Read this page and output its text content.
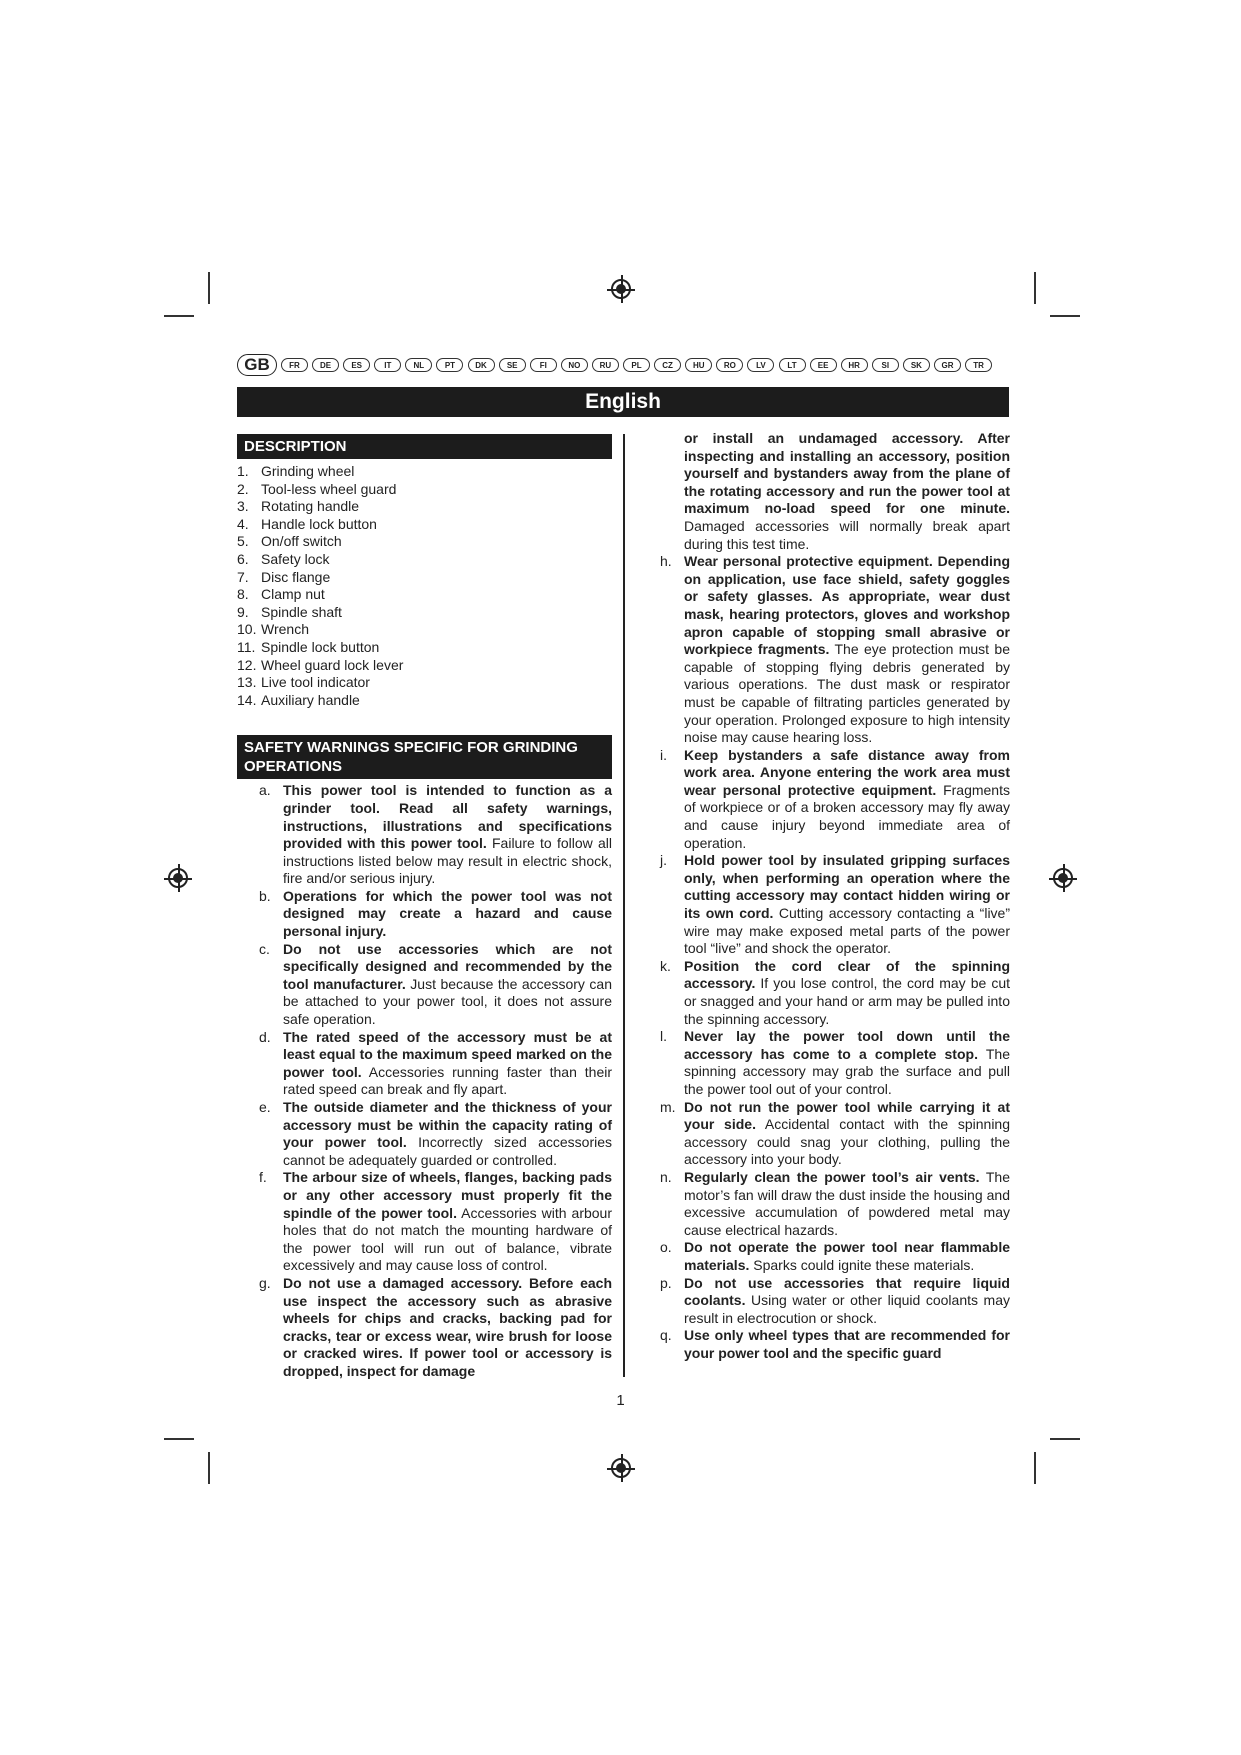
GB	FR	DE	ES	IT	NL	PT	DK	SE	FI	NO	RU	PL	CZ	HU	RO	LV	LT	EE	HR	SI	SK	GR	TR
English
DESCRIPTION
1. Grinding wheel
2. Tool-less wheel guard
3. Rotating handle
4. Handle lock button
5. On/off switch
6. Safety lock
7. Disc flange
8. Clamp nut
9. Spindle shaft
10. Wrench
11. Spindle lock button
12. Wheel guard lock lever
13. Live tool indicator
14. Auxiliary handle
SAFETY WARNINGS SPECIFIC FOR GRINDING OPERATIONS
a. This power tool is intended to function as a grinder tool. Read all safety warnings, instructions, illustrations and specifications provided with this power tool. Failure to follow all instructions listed below may result in electric shock, fire and/or serious injury.
b. Operations for which the power tool was not designed may create a hazard and cause personal injury.
c. Do not use accessories which are not specifically designed and recommended by the tool manufacturer. Just because the accessory can be attached to your power tool, it does not assure safe operation.
d. The rated speed of the accessory must be at least equal to the maximum speed marked on the power tool. Accessories running faster than their rated speed can break and fly apart.
e. The outside diameter and the thickness of your accessory must be within the capacity rating of your power tool. Incorrectly sized accessories cannot be adequately guarded or controlled.
f.	The arbour size of wheels, flanges, backing pads or any other accessory must properly fit the spindle of the power tool. Accessories with arbour holes that do not match the mounting hardware of the power tool will run out of balance, vibrate excessively and may cause loss of control.
g. Do not use a damaged accessory. Before each use inspect the accessory such as abrasive wheels for chips and cracks, backing pad for cracks, tear or excess wear, wire brush for loose or cracked wires. If power tool or accessory is dropped, inspect for damage
or install an undamaged accessory. After inspecting and installing an accessory, position yourself and bystanders away from the plane of the rotating accessory and run the power tool at maximum no-load speed for one minute. Damaged accessories will normally break apart during this test time.
h. Wear personal protective equipment. Depending on application, use face shield, safety goggles or safety glasses. As appropriate, wear dust mask, hearing protectors, gloves and workshop apron capable of stopping small abrasive or workpiece fragments. The eye protection must be capable of stopping flying debris generated by various operations. The dust mask or respirator must be capable of filtrating particles generated by your operation. Prolonged exposure to high intensity noise may cause hearing loss.
i.	Keep bystanders a safe distance away from work area. Anyone entering the work area must wear personal protective equipment. Fragments of workpiece or of a broken accessory may fly away and cause injury beyond immediate area of operation.
j.	Hold power tool by insulated gripping surfaces only, when performing an operation where the cutting accessory may contact hidden wiring or its own cord. Cutting accessory contacting a “live” wire may make exposed metal parts of the power tool “live” and shock the operator.
k. Position the cord clear of the spinning accessory. If you lose control, the cord may be cut or snagged and your hand or arm may be pulled into the spinning accessory.
l.	Never lay the power tool down until the accessory has come to a complete stop. The spinning accessory may grab the surface and pull the power tool out of your control.
m. Do not run the power tool while carrying it at your side. Accidental contact with the spinning accessory could snag your clothing, pulling the accessory into your body.
n. Regularly clean the power tool’s air vents. The motor’s fan will draw the dust inside the housing and excessive accumulation of powdered metal may cause electrical hazards.
o. Do not operate the power tool near flammable materials. Sparks could ignite these materials.
p. Do not use accessories that require liquid coolants. Using water or other liquid coolants may result in electrocution or shock.
q. Use only wheel types that are recommended for your power tool and the specific guard
1
